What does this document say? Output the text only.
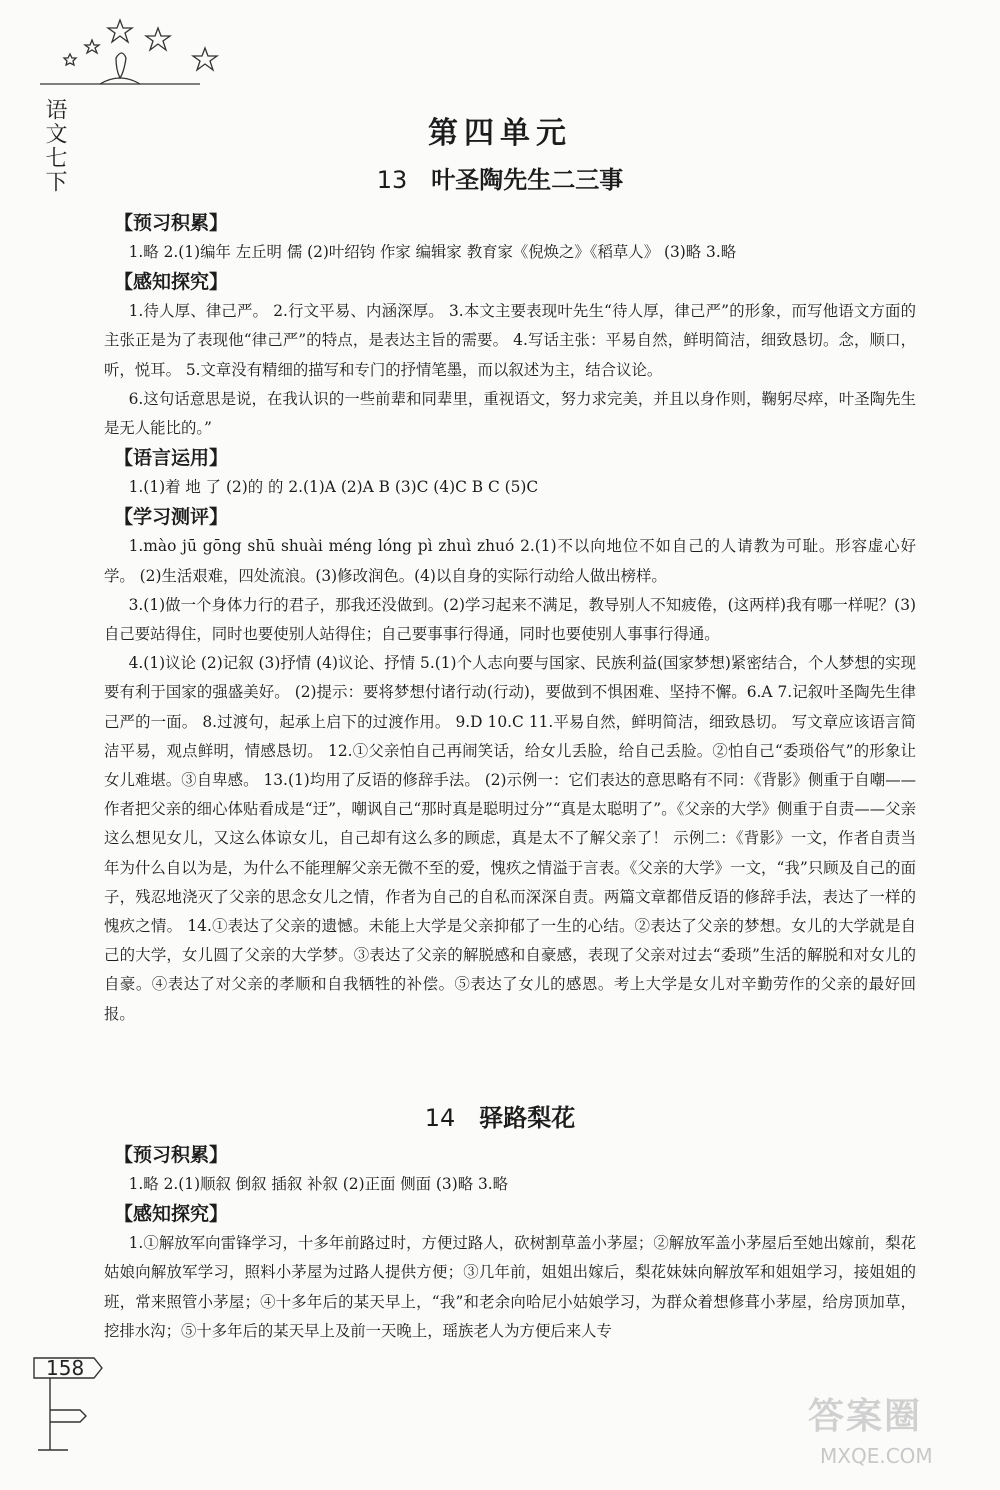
语文七下	第四单元
13 叶圣陶先生二三事
【预习积累】

1.略 2.(1)编年 左丘明 儒 (2)叶绍钧 作家 编辑家 教育家《倪焕之》《稻草人》 (3)略 3.略

【感知探究】

1.待人厚、律己严。 2.行文平易、内涵深厚。 3.本文主要表现叶先生“待人厚，律己严”的形象，而写他语文方面的主张正是为了表现他“律己严”的特点，是表达主旨的需要。 4.写话主张：平易自然，鲜明简洁，细致恳切。念，顺口，听，悦耳。 5.文章没有精细的描写和专门的抒情笔墨，而以叙述为主，结合议论。

6.这句话意思是说，在我认识的一些前辈和同辈里，重视语文，努力求完美，并且以身作则，鞠躬尽瘁，叶圣陶先生是无人能比的。”

【语言运用】

1.(1)着 地 了 (2)的 的 2.(1)A (2)A B (3)C (4)C B C (5)C

【学习测评】

1.mào jū gōng shū shuài méng lóng pì zhuì zhuó 2.(1)不以向地位不如自己的人请教为可耻。形容虚心好学。 (2)生活艰难，四处流浪。(3)修改润色。(4)以自身的实际行动给人做出榜样。

3.(1)做一个身体力行的君子，那我还没做到。(2)学习起来不满足，教导别人不知疲倦，(这两样)我有哪一样呢？(3)自己要站得住，同时也要使别人站得住；自己要事事行得通，同时也要使别人事事行得通。

4.(1)议论 (2)记叙 (3)抒情 (4)议论、抒情 5.(1)个人志向要与国家、民族利益(国家梦想)紧密结合，个人梦想的实现要有利于国家的强盛美好。 (2)提示：要将梦想付诸行动(行动)，要做到不惧困难、坚持不懈。6.A 7.记叙叶圣陶先生律己严的一面。 8.过渡句，起承上启下的过渡作用。 9.D 10.C 11.平易自然，鲜明简洁，细致恳切。 写文章应该语言简洁平易，观点鲜明，情感恳切。 12.①父亲怕自己再闹笑话，给女儿丢脸，给自己丢脸。②怕自己“委琐俗气”的形象让女儿难堪。③自卑感。 13.(1)均用了反语的修辞手法。 (2)示例一：它们表达的意思略有不同：《背影》侧重于自嘲——作者把父亲的细心体贴看成是“迂”，嘲讽自己“那时真是聪明过分”“真是太聪明了”。《父亲的大学》侧重于自责——父亲这么想见女儿，又这么体谅女儿，自己却有这么多的顾虑，真是太不了解父亲了！ 示例二：《背影》一文，作者自责当年为什么自以为是，为什么不能理解父亲无微不至的爱，愧疚之情溢于言表。《父亲的大学》一文，“我”只顾及自己的面子，残忍地浇灭了父亲的思念女儿之情，作者为自己的自私而深深自责。两篇文章都借反语的修辞手法，表达了一样的愧疚之情。 14.①表达了父亲的遗憾。未能上大学是父亲抑郁了一生的心结。②表达了父亲的梦想。女儿的大学就是自己的大学，女儿圆了父亲的大学梦。③表达了父亲的解脱感和自豪感，表现了父亲对过去“委琐”生活的解脱和对女儿的自豪。④表达了对父亲的孝顺和自我牺牲的补偿。⑤表达了女儿的感恩。考上大学是女儿对辛勤劳作的父亲的最好回报。

14 驿路梨花
【预习积累】

1.略 2.(1)顺叙 倒叙 插叙 补叙 (2)正面 侧面 (3)略 3.略

【感知探究】

1.①解放军向雷锋学习，十多年前路过时，方便过路人，砍树割草盖小茅屋；②解放军盖小茅屋后至她出嫁前，梨花姑娘向解放军学习，照料小茅屋为过路人提供方便；③几年前，姐姐出嫁后，梨花妹妹向解放军和姐姐学习，接姐姐的班，常来照管小茅屋；④十多年后的某天早上，“我”和老余向哈尼小姑娘学习，为群众着想修葺小茅屋，给房顶加草，挖排水沟；⑤十多年后的某天早上及前一天晚上，瑶族老人为方便后来人专

158
答案圈
MXQE.COM
